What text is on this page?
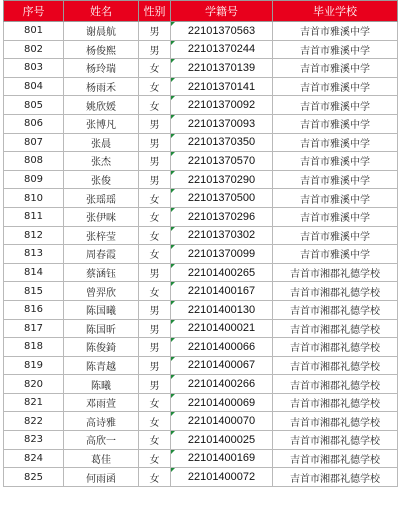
序号	姓名	性别	学籍号	毕业学校
801	谢晨航	男	22101370563	吉首市雅溪中学
802	杨俊熙	男	22101370244	吉首市雅溪中学
803	杨玲瑞	女	22101370139	吉首市雅溪中学
804	杨雨禾	女	22101370141	吉首市雅溪中学
805	姚欣媛	女	22101370092	吉首市雅溪中学
806	张博凡	男	22101370093	吉首市雅溪中学
807	张晨	男	22101370350	吉首市雅溪中学
808	张杰	男	22101370570	吉首市雅溪中学
809	张俊	男	22101370290	吉首市雅溪中学
810	张瑶瑶	女	22101370500	吉首市雅溪中学
811	张伊咪	女	22101370296	吉首市雅溪中学
812	张梓莹	女	22101370302	吉首市雅溪中学
813	周春霞	女	22101370099	吉首市雅溪中学
814	蔡涵钰	男	22101400265	吉首市湘郡礼德学校
815	曾羿欣	女	22101400167	吉首市湘郡礼德学校
816	陈国曦	男	22101400130	吉首市湘郡礼德学校
817	陈国昕	男	22101400021	吉首市湘郡礼德学校
818	陈俊錡	男	22101400066	吉首市湘郡礼德学校
819	陈青越	男	22101400067	吉首市湘郡礼德学校
820	陈曦	男	22101400266	吉首市湘郡礼德学校
821	邓雨萱	女	22101400069	吉首市湘郡礼德学校
822	高诗雅	女	22101400070	吉首市湘郡礼德学校
823	高欣一	女	22101400025	吉首市湘郡礼德学校
824	葛佳	女	22101400169	吉首市湘郡礼德学校
825	何雨函	女	22101400072	吉首市湘郡礼德学校
